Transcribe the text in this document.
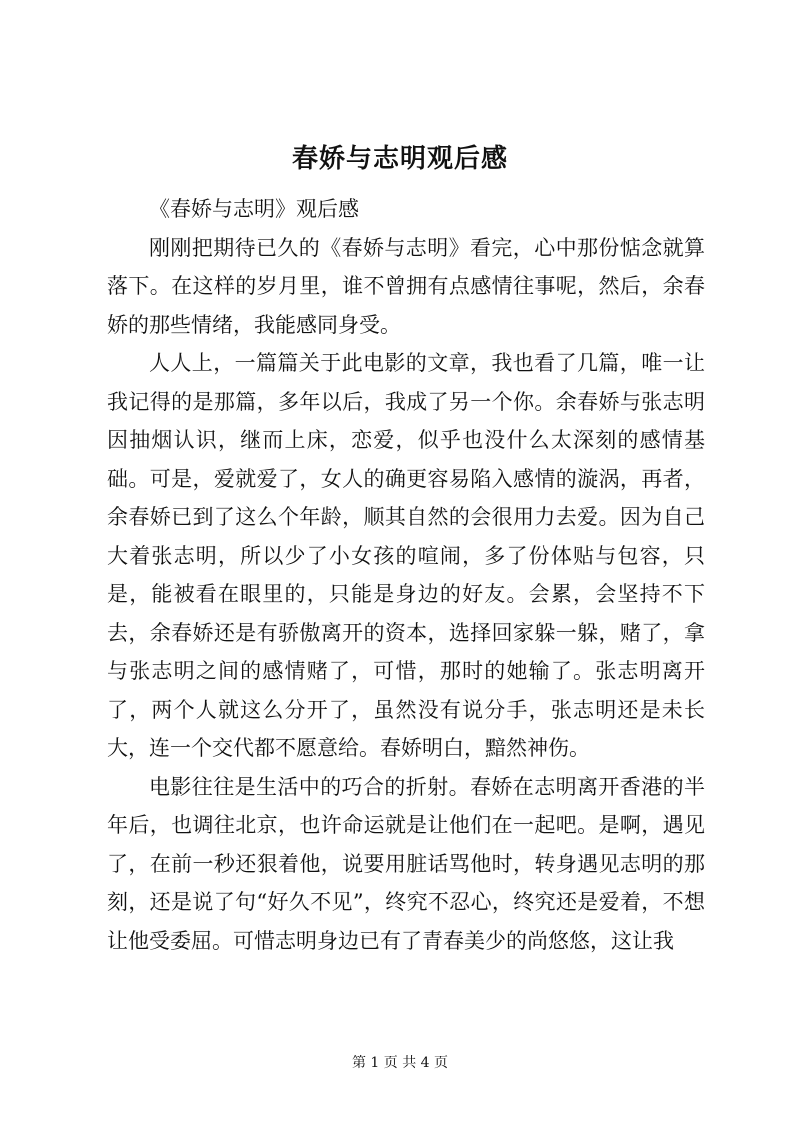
春娇与志明观后感

《春娇与志明》观后感

刚刚把期待已久的《春娇与志明》看完，心中那份惦念就算落下。在这样的岁月里，谁不曾拥有点感情往事呢，然后，余春娇的那些情绪，我能感同身受。

人人上，一篇篇关于此电影的文章，我也看了几篇，唯一让我记得的是那篇，多年以后，我成了另一个你。余春娇与张志明因抽烟认识，继而上床，恋爱，似乎也没什么太深刻的感情基础。可是，爱就爱了，女人的确更容易陷入感情的漩涡，再者，余春娇已到了这么个年龄，顺其自然的会很用力去爱。因为自己大着张志明，所以少了小女孩的喧闹，多了份体贴与包容，只是，能被看在眼里的，只能是身边的好友。会累，会坚持不下去，余春娇还是有骄傲离开的资本，选择回家躲一躲，赌了，拿与张志明之间的感情赌了，可惜，那时的她输了。张志明离开了，两个人就这么分开了，虽然没有说分手，张志明还是未长大，连一个交代都不愿意给。春娇明白，黯然神伤。

电影往往是生活中的巧合的折射。春娇在志明离开香港的半年后，也调往北京，也许命运就是让他们在一起吧。是啊，遇见了，在前一秒还狠着他，说要用脏话骂他时，转身遇见志明的那刻，还是说了句“好久不见”，终究不忍心，终究还是爱着，不想让他受委屈。可惜志明身边已有了青春美少的尚悠悠，这让我

第 1 页 共 4 页
